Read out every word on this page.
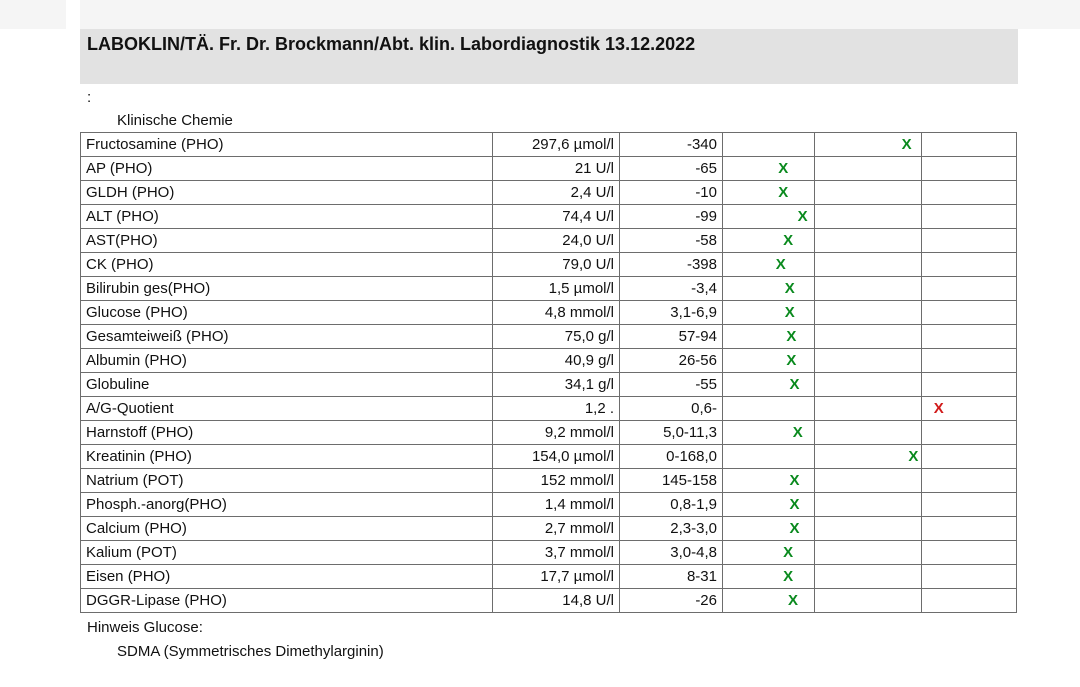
LABOKLIN/TÄ. Fr. Dr. Brockmann/Abt. klin. Labordiagnostik 13.12.2022
:
Klinische Chemie
Fructosamine (PHO)	297,6 µmol/l	-340		X	

AP (PHO)	21 U/l	-65	X		

GLDH (PHO)	2,4 U/l	-10	X		

ALT (PHO)	74,4 U/l	-99	X		

AST(PHO)	24,0 U/l	-58	X		

CK (PHO)	79,0 U/l	-398	X		

Bilirubin ges(PHO)	1,5 µmol/l	-3,4	X		

Glucose (PHO)	4,8 mmol/l	3,1-6,9	X		

Gesamteiweiß (PHO)	75,0 g/l	57-94	X		

Albumin (PHO)	40,9 g/l	26-56	X		

Globuline	34,1 g/l	-55	X		

A/G-Quotient	1,2 .	0,6-			X

Harnstoff (PHO)	9,2 mmol/l	5,0-11,3	X		

Kreatinin (PHO)	154,0 µmol/l	0-168,0		X	

Natrium (POT)	152 mmol/l	145-158	X		

Phosph.-anorg(PHO)	1,4 mmol/l	0,8-1,9	X		

Calcium (PHO)	2,7 mmol/l	2,3-3,0	X		

Kalium (POT)	3,7 mmol/l	3,0-4,8	X		

Eisen (PHO)	17,7 µmol/l	8-31	X		

DGGR-Lipase (PHO)	14,8 U/l	-26	X		

Hinweis Glucose:
SDMA (Symmetrisches Dimethylarginin)
